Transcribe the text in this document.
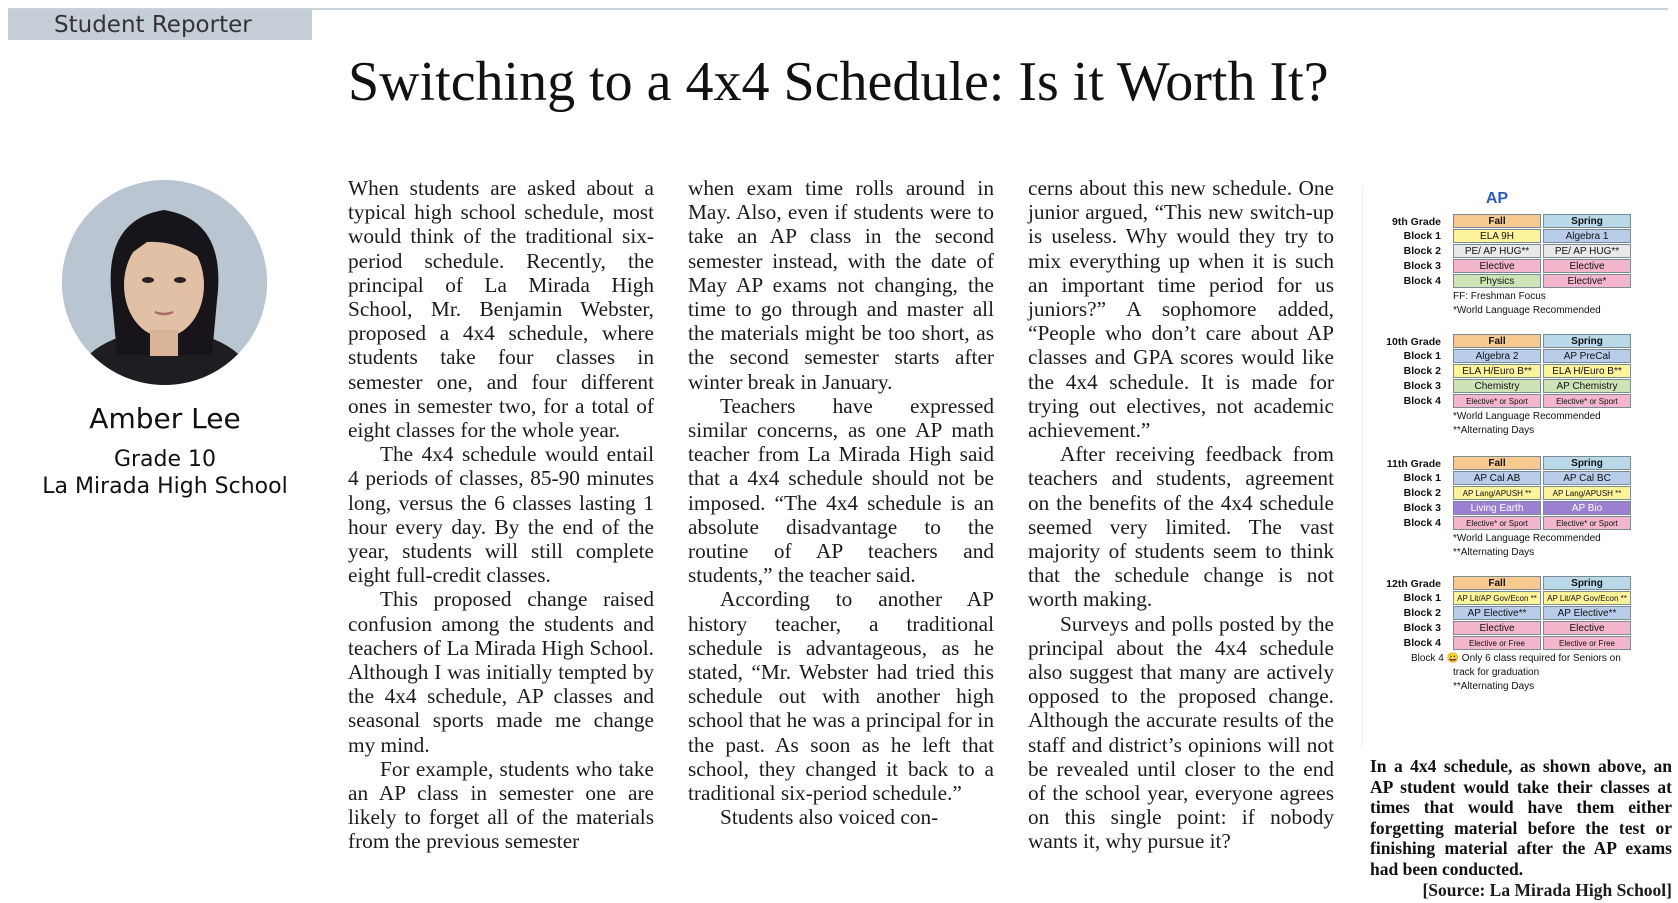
Student Reporter
Switching to a 4x4 Schedule: Is it Worth It?
Amber Lee
Grade 10
La Mirada High School

When students are asked about a typical high school schedule, most would think of the traditional six-period schedule. Recently, the principal of La Mirada High School, Mr. Benjamin Webster, proposed a 4x4 schedule, where students take four classes in semester one, and four different ones in semester two, for a total of eight classes for the whole year.

The 4x4 schedule would entail 4 periods of classes, 85-90 minutes long, versus the 6 classes lasting 1 hour every day. By the end of the year, students will still complete eight full-credit classes.

This proposed change raised confusion among the students and teachers of La Mirada High School. Although I was initially tempted by the 4x4 schedule, AP classes and seasonal sports made me change my mind.

For example, students who take an AP class in semester one are likely to forget all of the materials from the previous semester

when exam time rolls around in May. Also, even if students were to take an AP class in the second semester instead, with the date of May AP exams not changing, the time to go through and master all the materials might be too short, as the second semester starts after winter break in January.

Teachers have expressed similar concerns, as one AP math teacher from La Mirada High said that a 4x4 schedule should not be imposed. “The 4x4 schedule is an absolute disadvantage to the routine of AP teachers and students,” the teacher said.

According to another AP history teacher, a traditional schedule is advantageous, as he stated, “Mr. Webster had tried this schedule out with another high school that he was a principal for in the past. As soon as he left that school, they changed it back to a traditional six-period schedule.”

Students also voiced con-

cerns about this new schedule. One junior argued, “This new switch-up is useless. Why would they try to mix everything up when it is such an important time period for us juniors?” A sophomore added, “People who don’t care about AP classes and GPA scores would like the 4x4 schedule. It is made for trying out electives, not academic achievement.”

After receiving feedback from teachers and students, agreement on the benefits of the 4x4 schedule seemed very limited. The vast majority of students seem to think that the schedule change is not worth making.

Surveys and polls posted by the principal about the 4x4 schedule also suggest that many are actively opposed to the proposed change. Although the accurate results of the staff and district’s opinions will not be revealed until closer to the end of the school year, everyone agrees on this single point: if nobody wants it, why pursue it?

AP
9th Grade	Fall	Spring
Block 1	ELA 9H	Algebra 1
Block 2	PE/ AP HUG**	PE/ AP HUG**
Block 3	Elective	Elective
Block 4	Physics	Elective*
FF: Freshman Focus
*World Language Recommended
10th Grade	Fall	Spring
Block 1	Algebra 2	AP PreCal
Block 2	ELA H/Euro B**	ELA H/Euro B**
Block 3	Chemistry	AP Chemistry
Block 4	Elective* or Sport	Elective* or Sport
*World Language Recommended
**Alternating Days
11th Grade	Fall	Spring
Block 1	AP Cal AB	AP Cal BC
Block 2	AP Lang/APUSH **	AP Lang/APUSH **
Block 3	Living Earth	AP Bio
Block 4	Elective* or Sport	Elective* or Sport
*World Language Recommended
**Alternating Days
12th Grade	Fall	Spring
Block 1	AP Lit/AP Gov/Econ **	AP Lit/AP Gov/Econ **
Block 2	AP Elective**	AP Elective**
Block 3	Elective	Elective
Block 4	Elective or Free	Elective or Free
Block 4 😀 Only 6 class required for Seniors on
track for graduation
**Alternating Days
In a 4x4 schedule, as shown above, an AP student would take their classes at times that would have them either forgetting material before the test or finishing material after the AP exams had been conducted.
[Source: La Mirada High School]
